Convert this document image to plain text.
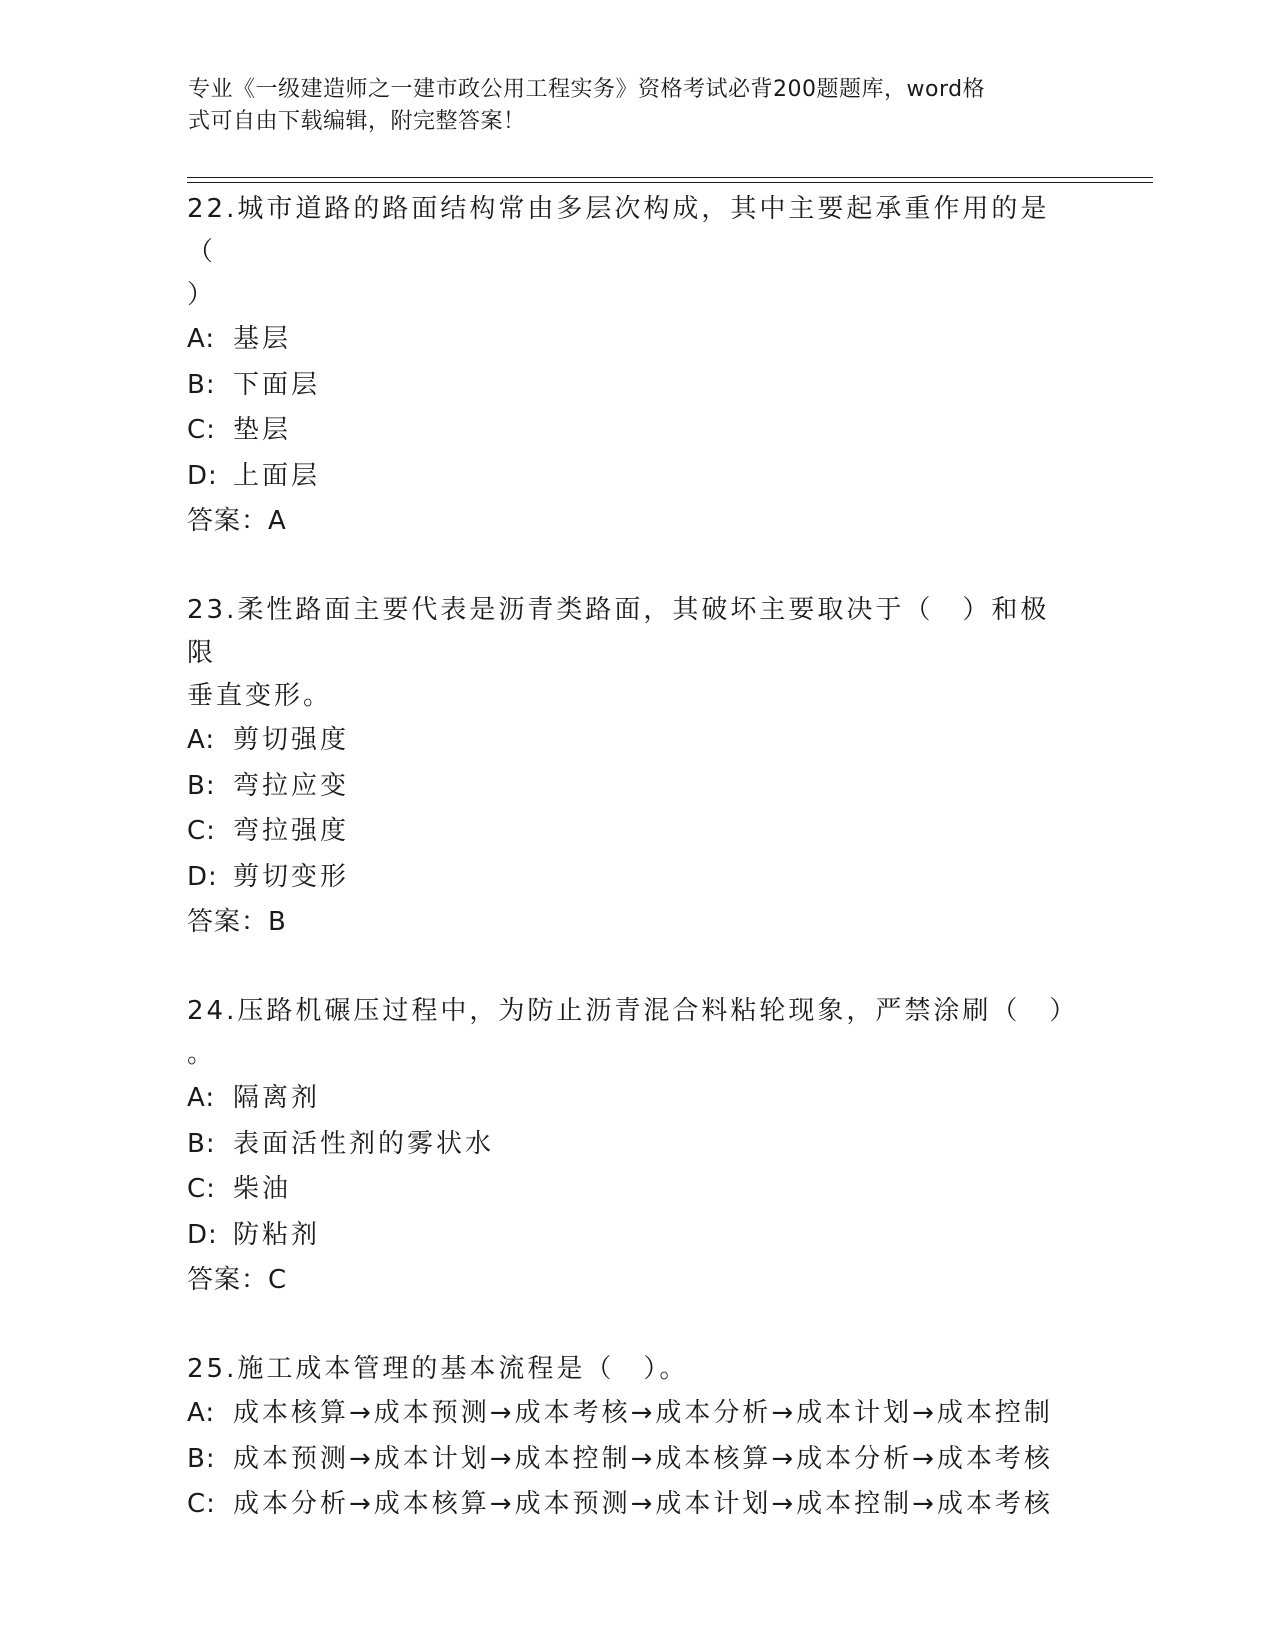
专业《一级建造师之一建市政公用工程实务》资格考试必背200题题库，word格
式可自由下载编辑，附完整答案！
22.城市道路的路面结构常由多层次构成，其中主要起承重作用的是（
）
A: 基层
B: 下面层
C: 垫层
D: 上面层
答案：A
23.柔性路面主要代表是沥青类路面，其破坏主要取决于（　）和极限
垂直变形。
A: 剪切强度
B: 弯拉应变
C: 弯拉强度
D: 剪切变形
答案：B
24.压路机碾压过程中，为防止沥青混合料粘轮现象，严禁涂刷（　）
。
A: 隔离剂
B: 表面活性剂的雾状水
C: 柴油
D: 防粘剂
答案：C
25.施工成本管理的基本流程是（　）。
A: 成本核算→成本预测→成本考核→成本分析→成本计划→成本控制
B: 成本预测→成本计划→成本控制→成本核算→成本分析→成本考核
C: 成本分析→成本核算→成本预测→成本计划→成本控制→成本考核
